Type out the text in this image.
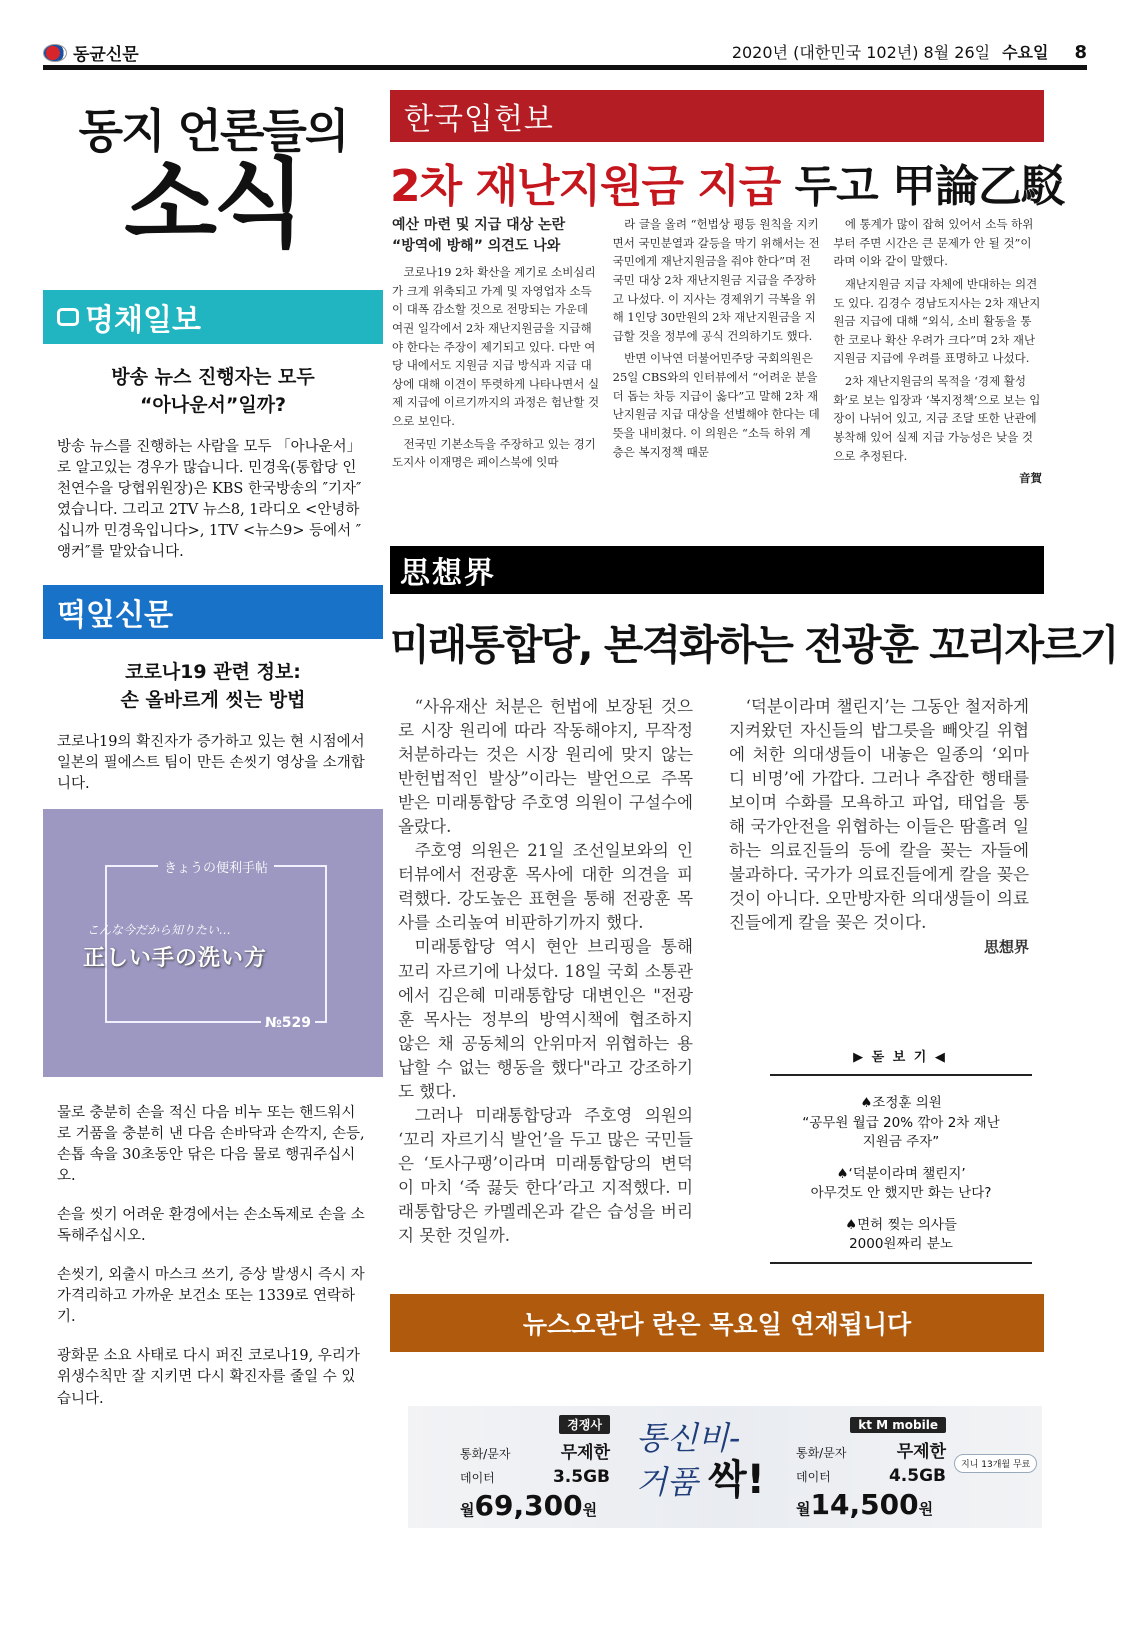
동균신문	2020년 (대한민국 102년) 8월 26일 수요일 8
동지 언론들의
소식
명채일보
방송 뉴스 진행자는 모두
“아나운서”일까?
방송 뉴스를 진행하는 사람을 모두 「아나운서」로 알고있는 경우가 많습니다. 민경욱(통합당 인천연수을 당협위원장)은 KBS 한국방송의 ″기자″였습니다. 그리고 2TV 뉴스8, 1라디오 <안녕하십니까 민경욱입니다>, 1TV <뉴스9> 등에서 ″앵커″를 맡았습니다.
떡잎신문
코로나19 관련 정보:
손 올바르게 씻는 방법
코로나19의 확진자가 증가하고 있는 현 시점에서 일본의 필에스트 팀이 만든 손씻기 영상을 소개합니다.
きょうの便利手帖
こんな今だから知りたい…
正しい手の洗い方
№529
물로 충분히 손을 적신 다음 비누 또는 핸드워시로 거품을 충분히 낸 다음 손바닥과 손깍지, 손등, 손톱 속을 30초동안 닦은 다음 물로 행궈주십시오.
손을 씻기 어려운 환경에서는 손소독제로 손을 소독해주십시오.
손씻기, 외출시 마스크 쓰기, 증상 발생시 즉시 자가격리하고 가까운 보건소 또는 1339로 연락하기.
광화문 소요 사태로 다시 퍼진 코로나19, 우리가 위생수칙만 잘 지키면 다시 확진자를 줄일 수 있습니다.
한국입헌보
2차 재난지원금 지급 두고 甲論乙駁
예산 마련 및 지급 대상 논란
“방역에 방해” 의견도 나와

코로나19 2차 확산을 계기로 소비심리가 크게 위축되고 가계 및 자영업자 소득이 대폭 감소할 것으로 전망되는 가운데 여권 일각에서 2차 재난지원금을 지급해야 한다는 주장이 제기되고 있다. 다만 여당 내에서도 지원금 지급 방식과 지급 대상에 대해 이견이 뚜렷하게 나타나면서 실제 지급에 이르기까지의 과정은 험난할 것으로 보인다.

전국민 기본소득을 주장하고 있는 경기도지사 이재명은 페이스북에 잇따

라 글을 올려 “헌법상 평등 원칙을 지키면서 국민분열과 갈등을 막기 위해서는 전국민에게 재난지원금을 줘야 한다”며 전국민 대상 2차 재난지원금 지급을 주장하고 나섰다. 이 지사는 경제위기 극복을 위해 1인당 30만원의 2차 재난지원금을 지급할 것을 정부에 공식 건의하기도 했다.

반면 이낙연 더불어민주당 국회의원은 25일 CBS와의 인터뷰에서 “어려운 분을 더 돕는 차등 지급이 옳다”고 말해 2차 재난지원금 지급 대상을 선별해야 한다는 데 뜻을 내비쳤다. 이 의원은 “소득 하위 계층은 복지정책 때문

에 통계가 많이 잡혀 있어서 소득 하위부터 주면 시간은 큰 문제가 안 될 것”이라며 이와 같이 말했다.

재난지원금 지급 자체에 반대하는 의견도 있다. 김경수 경남도지사는 2차 재난지원금 지급에 대해 “외식, 소비 활동을 통한 코로나 확산 우려가 크다”며 2차 재난지원금 지급에 우려를 표명하고 나섰다.

2차 재난지원금의 목적을 ‘경제 활성화’로 보는 입장과 ‘복지정책’으로 보는 입장이 나뉘어 있고, 지금 조달 또한 난관에 봉착해 있어 실제 지급 가능성은 낮을 것으로 추정된다.

音賀
思想界
미래통합당, 본격화하는 전광훈 꼬리자르기

“사유재산 처분은 헌법에 보장된 것으로 시장 원리에 따라 작동해야지, 무작정 처분하라는 것은 시장 원리에 맞지 않는 반헌법적인 발상”이라는 발언으로 주목받은 미래통합당 주호영 의원이 구설수에 올랐다.

주호영 의원은 21일 조선일보와의 인터뷰에서 전광훈 목사에 대한 의견을 피력했다. 강도높은 표현을 통해 전광훈 목사를 소리높여 비판하기까지 했다.

미래통합당 역시 현안 브리핑을 통해 꼬리 자르기에 나섰다. 18일 국회 소통관에서 김은혜 미래통합당 대변인은 "전광훈 목사는 정부의 방역시책에 협조하지 않은 채 공동체의 안위마저 위협하는 용납할 수 없는 행동을 했다"라고 강조하기도 했다.

그러나 미래통합당과 주호영 의원의 ‘꼬리 자르기식 발언’을 두고 많은 국민들은 ‘토사구팽’이라며 미래통합당의 변덕이 마치 ‘죽 끓듯 한다’라고 지적했다. 미래통합당은 카멜레온과 같은 습성을 버리지 못한 것일까.

‘덕분이라며 챌린지’는 그동안 철저하게 지켜왔던 자신들의 밥그릇을 빼앗길 위협에 처한 의대생들이 내놓은 일종의 ‘외마디 비명’에 가깝다. 그러나 추잡한 행태를 보이며 수화를 모욕하고 파업, 태업을 통해 국가안전을 위협하는 이들은 땀흘려 일하는 의료진들의 등에 칼을 꽂는 자들에 불과하다. 국가가 의료진들에게 칼을 꽂은 것이 아니다. 오만방자한 의대생들이 의료진들에게 칼을 꽂은 것이다.

思想界

▶ 돋 보 기 ◀
♠조정훈 의원
“공무원 월급 20% 깎아 2차 재난
지원금 주자”
♠‘덕분이라며 챌린지’
아무것도 안 했지만 화는 난다?
♠면허 찢는 의사들
2000원짜리 분노
뉴스오란다 란은 목요일 연재됩니다
경쟁사
통화/문자	무제한
데이터	3.5GB
월69,300원
통신비-
거품 싹!
kt M mobile
통화/문자	무제한
데이터	4.5GB
월14,500원
지니 13개월 무료
